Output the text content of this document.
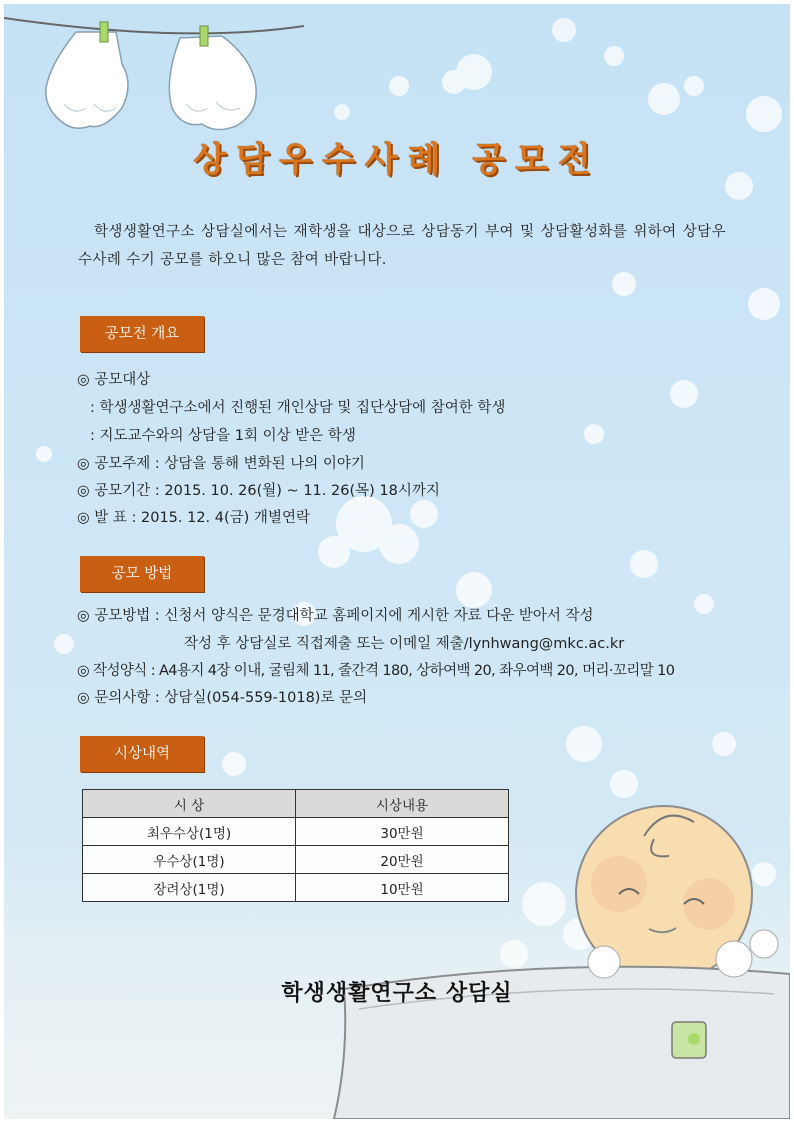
상담우수사례 공모전
학생생활연구소 상담실에서는 재학생을 대상으로 상담동기 부여 및 상담활성화를 위하여 상담우수사례 수기 공모를 하오니 많은 참여 바랍니다.
공모전 개요
◎ 공모대상
: 학생생활연구소에서 진행된 개인상담 및 집단상담에 참여한 학생
: 지도교수와의 상담을 1회 이상 받은 학생
◎ 공모주제 : 상담을 통해 변화된 나의 이야기
◎ 공모기간 : 2015. 10. 26(월) ~ 11. 26(목) 18시까지
◎ 발 표 : 2015. 12. 4(금) 개별연락
공모 방법
◎ 공모방법 : 신청서 양식은 문경대학교 홈페이지에 게시한 자료 다운 받아서 작성
작성 후 상담실로 직접제출 또는 이메일 제출/lynhwang@mkc.ac.kr
◎ 작성양식 : A4용지 4장 이내, 굴림체 11, 줄간격 180, 상하여백 20, 좌우여백 20, 머리·꼬리말 10
◎ 문의사항 : 상담실(054-559-1018)로 문의
시상내역
시 상	시상내용
최우수상(1명)	30만원
우수상(1명)	20만원
장려상(1명)	10만원
학생생활연구소 상담실
